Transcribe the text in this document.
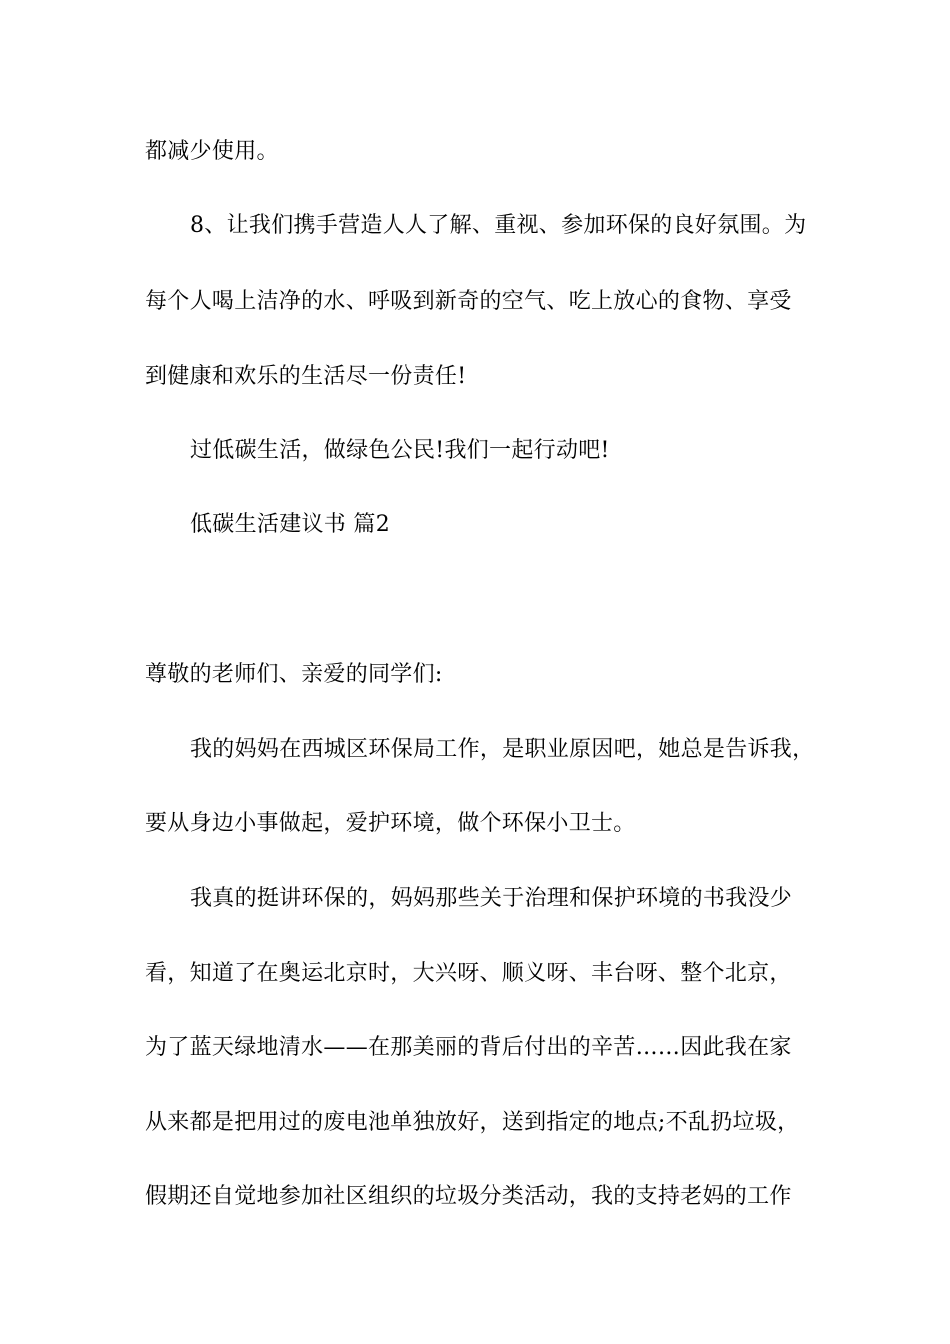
都减少使用。
8、让我们携手营造人人了解、重视、参加环保的良好氛围。为
每个人喝上洁净的水、呼吸到新奇的空气、吃上放心的食物、享受
到健康和欢乐的生活尽一份责任!
过低碳生活，做绿色公民!我们一起行动吧!
低碳生活建议书 篇2
尊敬的老师们、亲爱的同学们:
我的妈妈在西城区环保局工作，是职业原因吧，她总是告诉我，
要从身边小事做起，爱护环境，做个环保小卫士。
我真的挺讲环保的，妈妈那些关于治理和保护环境的书我没少
看，知道了在奥运北京时，大兴呀、顺义呀、丰台呀、整个北京，
为了蓝天绿地清水——在那美丽的背后付出的辛苦……因此我在家
从来都是把用过的废电池单独放好，送到指定的地点;不乱扔垃圾，
假期还自觉地参加社区组织的垃圾分类活动，我的支持老妈的工作
